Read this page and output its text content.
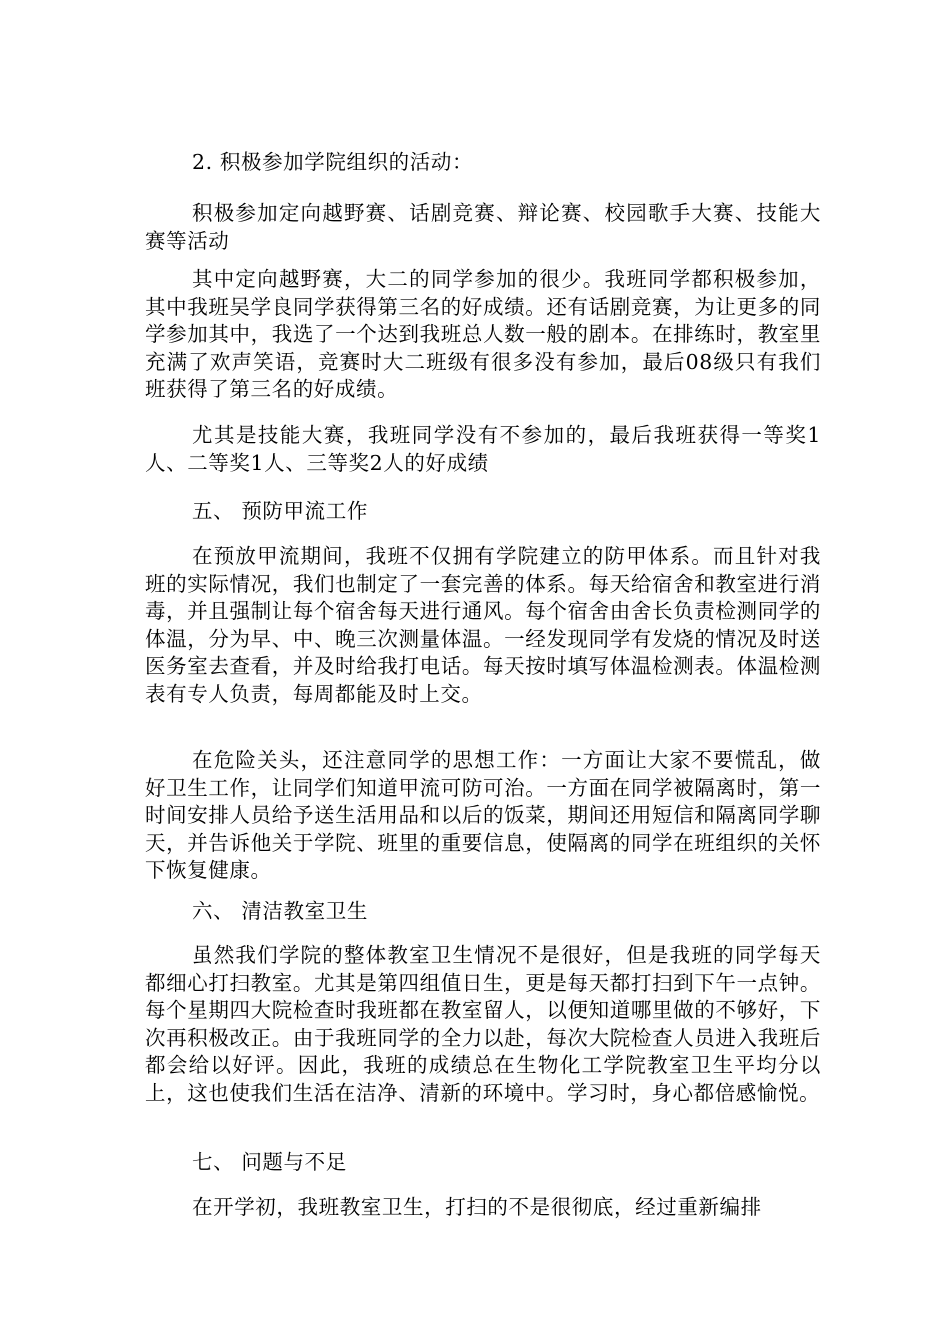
2. 积极参加学院组织的活动：

积极参加定向越野赛、话剧竞赛、辩论赛、校园歌手大赛、技能大赛等活动

其中定向越野赛，大二的同学参加的很少。我班同学都积极参加，其中我班吴学良同学获得第三名的好成绩。还有话剧竞赛，为让更多的同学参加其中，我选了一个达到我班总人数一般的剧本。在排练时，教室里充满了欢声笑语，竞赛时大二班级有很多没有参加，最后08级只有我们班获得了第三名的好成绩。

尤其是技能大赛，我班同学没有不参加的，最后我班获得一等奖1人、二等奖1人、三等奖2人的好成绩

五、 预防甲流工作

在预放甲流期间，我班不仅拥有学院建立的防甲体系。而且针对我班的实际情况，我们也制定了一套完善的体系。每天给宿舍和教室进行消毒，并且强制让每个宿舍每天进行通风。每个宿舍由舍长负责检测同学的体温，分为早、中、晚三次测量体温。一经发现同学有发烧的情况及时送医务室去查看，并及时给我打电话。每天按时填写体温检测表。体温检测表有专人负责，每周都能及时上交。

在危险关头，还注意同学的思想工作：一方面让大家不要慌乱，做好卫生工作，让同学们知道甲流可防可治。一方面在同学被隔离时，第一时间安排人员给予送生活用品和以后的饭菜，期间还用短信和隔离同学聊天，并告诉他关于学院、班里的重要信息，使隔离的同学在班组织的关怀下恢复健康。

六、 清洁教室卫生

虽然我们学院的整体教室卫生情况不是很好，但是我班的同学每天都细心打扫教室。尤其是第四组值日生，更是每天都打扫到下午一点钟。每个星期四大院检查时我班都在教室留人，以便知道哪里做的不够好，下次再积极改正。由于我班同学的全力以赴，每次大院检查人员进入我班后都会给以好评。因此，我班的成绩总在生物化工学院教室卫生平均分以上，这也使我们生活在洁净、清新的环境中。学习时，身心都倍感愉悦。

七、 问题与不足

在开学初，我班教室卫生，打扫的不是很彻底，经过重新编排
